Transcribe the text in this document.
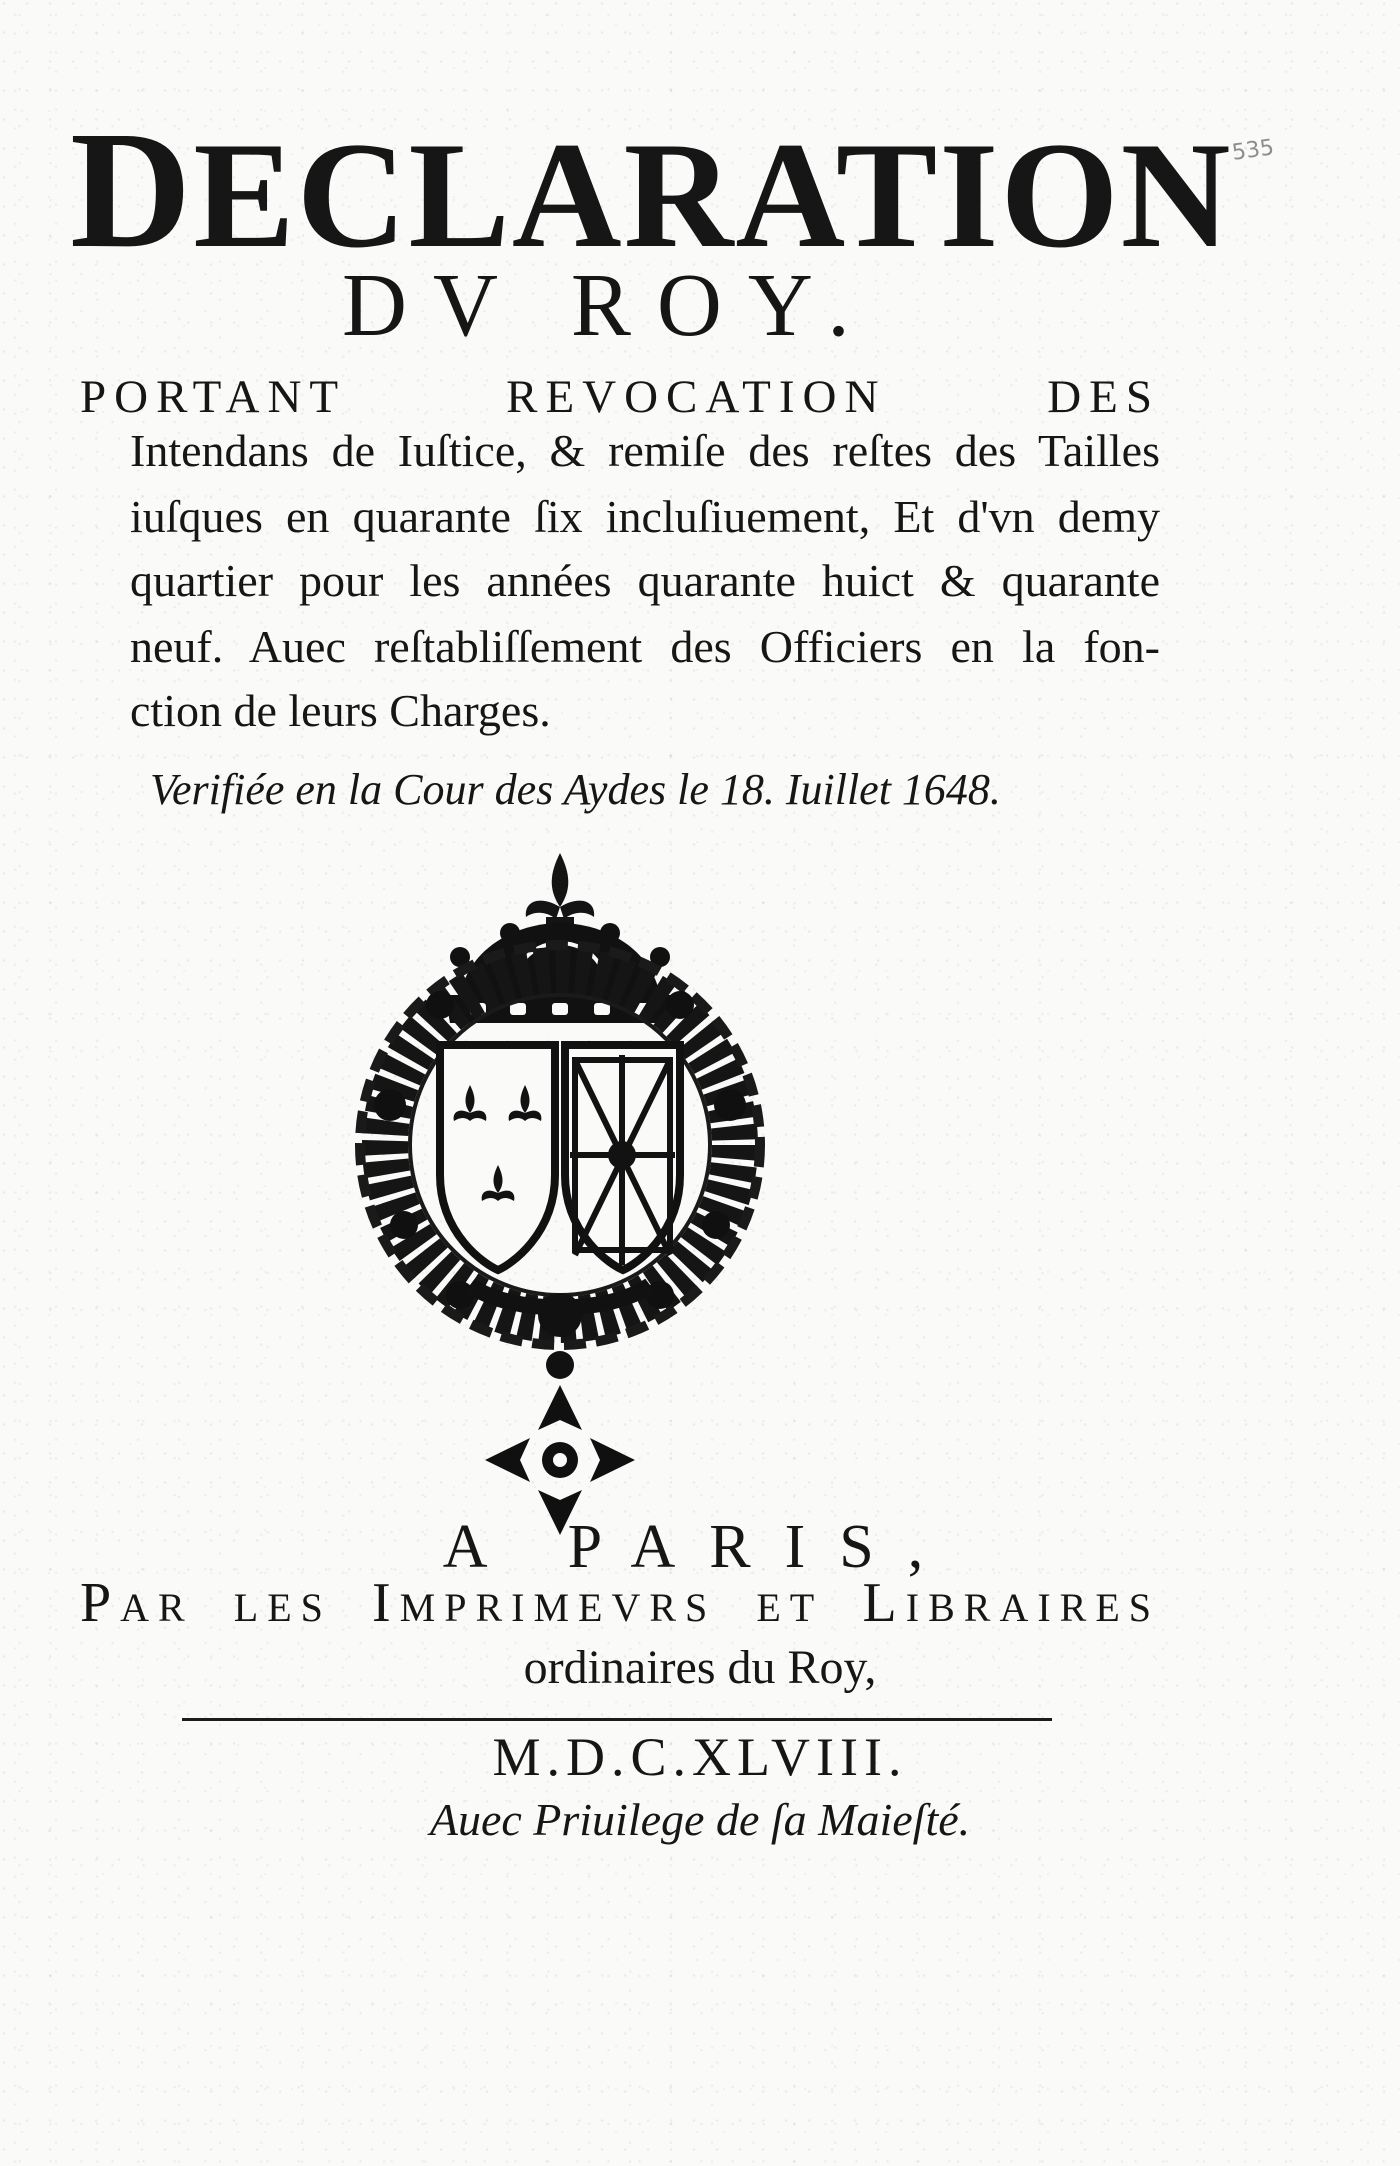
DECLARATION
535
DV ROY.
PORTANT REVOCATION DES
Intendans de Iuſtice, & remiſe des reſtes des Tailles
iuſques en quarante ſix incluſiuement, Et d'vn demy
quartier pour les années quarante huict & quarante
neuf. Auec reſtabliſſement des Officiers en la fon-
ction de leurs Charges.
Verifiée en la Cour des Aydes le 18. Iuillet 1648.
A PARIS,
PAR LES IMPRIMEVRS ET LIBRAIRES
ordinaires du Roy,
M.D.C.XLVIII.
Auec Priuilege de ſa Maieſté.
